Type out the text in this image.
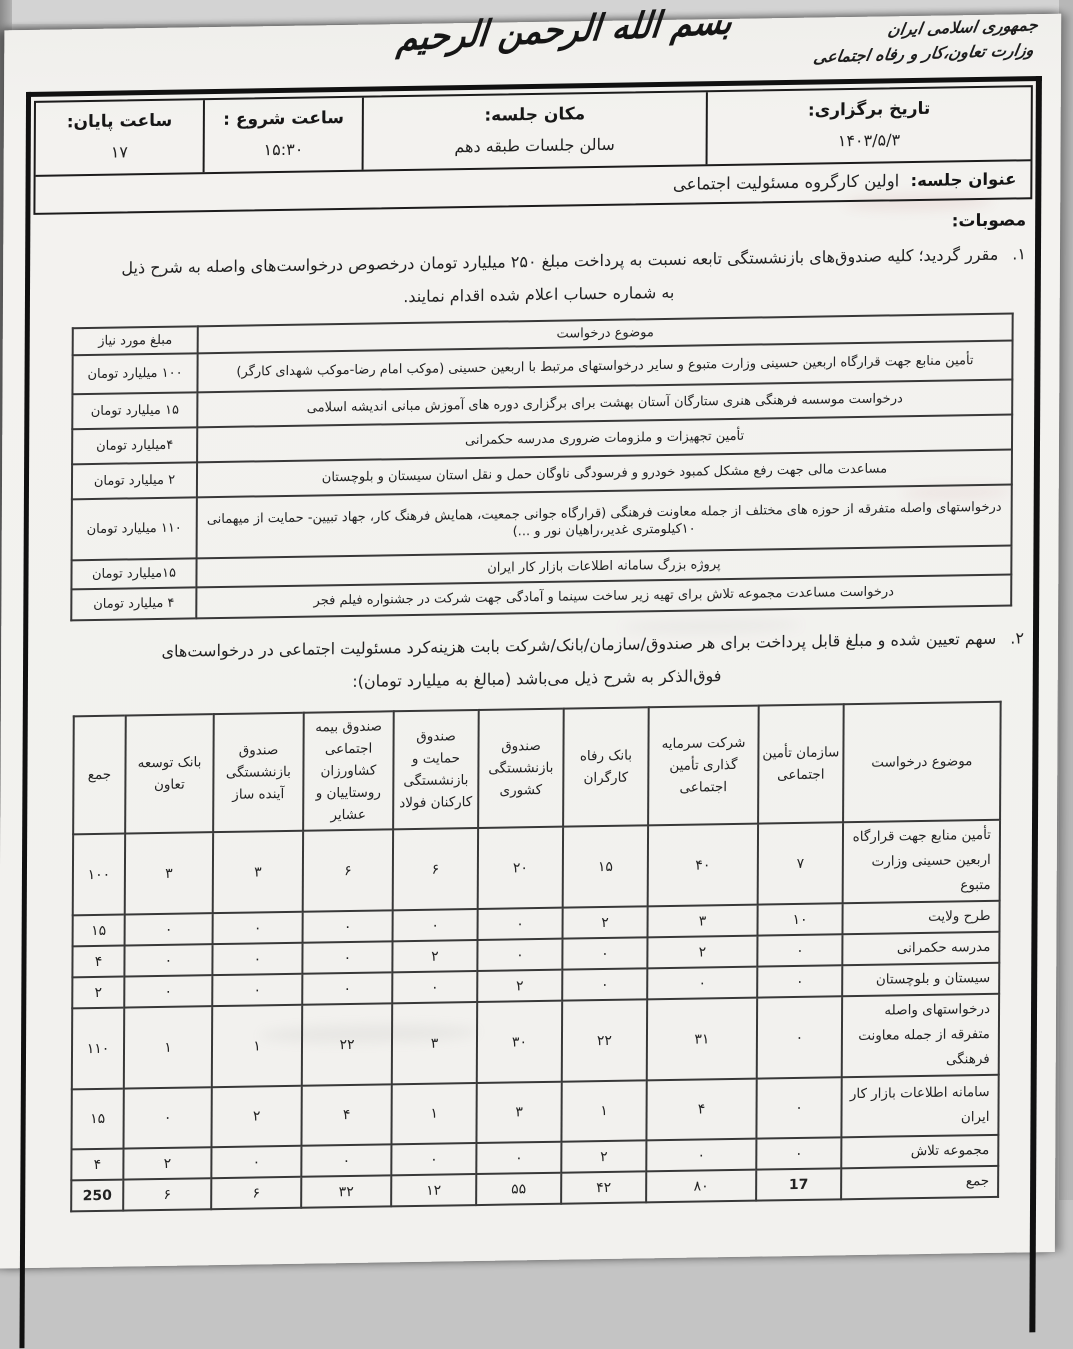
جمهوری اسلامی ایران
وزارت تعاون،کار و رفاه اجتماعی
بسم الله الرحمن الرحیم
تاریخ برگزاری:
۱۴۰۳/۵/۳
مکان جلسه:
سالن جلسات طبقه دهم
ساعت شروع :
۱۵:۳۰
ساعت پایان:
۱۷
عنوان جلسه: اولین کارگروه مسئولیت اجتماعی
مصوبات:
۱.مقرر گردید؛ کلیه صندوق‌های بازنشستگی تابعه نسبت به پرداخت مبلغ ۲۵۰ میلیارد تومان درخصوص درخواست‌های واصله به شرح ذیل
به شماره حساب اعلام شده اقدام نمایند.
موضوع درخواست	مبلغ مورد نیاز
تأمین منابع جهت قرارگاه اربعین حسینی وزارت متبوع و سایر درخواستهای مرتبط با اربعین حسینی (موکب امام رضا-موکب شهدای کارگر)	۱۰۰ میلیارد تومان
درخواست موسسه فرهنگی هنری ستارگان آستان بهشت برای برگزاری دوره های آموزش مبانی اندیشه اسلامی	۱۵ میلیارد تومان
تأمین تجهیزات و ملزومات ضروری مدرسه حکمرانی	۴میلیارد تومان
مساعدت مالی جهت رفع مشکل کمبود خودرو و فرسودگی ناوگان حمل و نقل استان سیستان و بلوچستان	۲ میلیارد تومان
درخواستهای واصله متفرقه از حوزه های مختلف از جمله معاونت فرهنگی (قرارگاه جوانی جمعیت، همایش فرهنگ کار، جهاد تبیین- حمایت از میهمانی ۱۰کیلومتری غدیر،راهیان نور و ...)	۱۱۰ میلیارد تومان
پروژه بزرگ سامانه اطلاعات بازار کار ایران	۱۵میلیارد تومان
درخواست مساعدت مجموعه تلاش برای تهیه زیر ساخت سینما و آمادگی جهت شرکت در جشنواره فیلم فجر	۴ میلیارد تومان
۲.سهم تعیین شده و مبلغ قابل پرداخت برای هر صندوق/سازمان/بانک/شرکت بابت هزینه‌کرد مسئولیت اجتماعی در درخواست‌های
فوق‌الذکر به شرح ذیل می‌باشد (مبالغ به میلیارد تومان):
موضوع درخواست	سازمان تأمین اجتماعی	شرکت سرمایه گذاری تأمین اجتماعی	بانک رفاه کارگران	صندوق بازنشستگی کشوری	صندوق حمایت و بازنشستگی کارکنان فولاد	صندوق بیمه اجتماعی کشاورزان روستاییان و عشایر	صندوق بازنشستگی آینده ساز	بانک توسعه تعاون	جمع
تأمین منابع جهت قرارگاه اربعین حسینی وزارت متبوع	۷	۴۰	۱۵	۲۰	۶	۶	۳	۳	۱۰۰
طرح ولایت	۱۰	۳	۲	۰	۰	۰	۰	۰	۱۵
مدرسه حکمرانی	۰	۲	۰	۰	۲	۰	۰	۰	۴
سیستان و بلوچستان	۰	۰	۰	۲	۰	۰	۰	۰	۲
درخواستهای واصله متفرقه از جمله معاونت فرهنگی	۰	۳۱	۲۲	۳۰	۳	۲۲	۱	۱	۱۱۰
سامانه اطلاعات بازار کار ایران	۰	۴	۱	۳	۱	۴	۲	۰	۱۵
مجموعه تلاش	۰	۰	۲	۰	۰	۰	۰	۲	۴
جمع	17	۸۰	۴۲	۵۵	۱۲	۳۲	۶	۶	250
